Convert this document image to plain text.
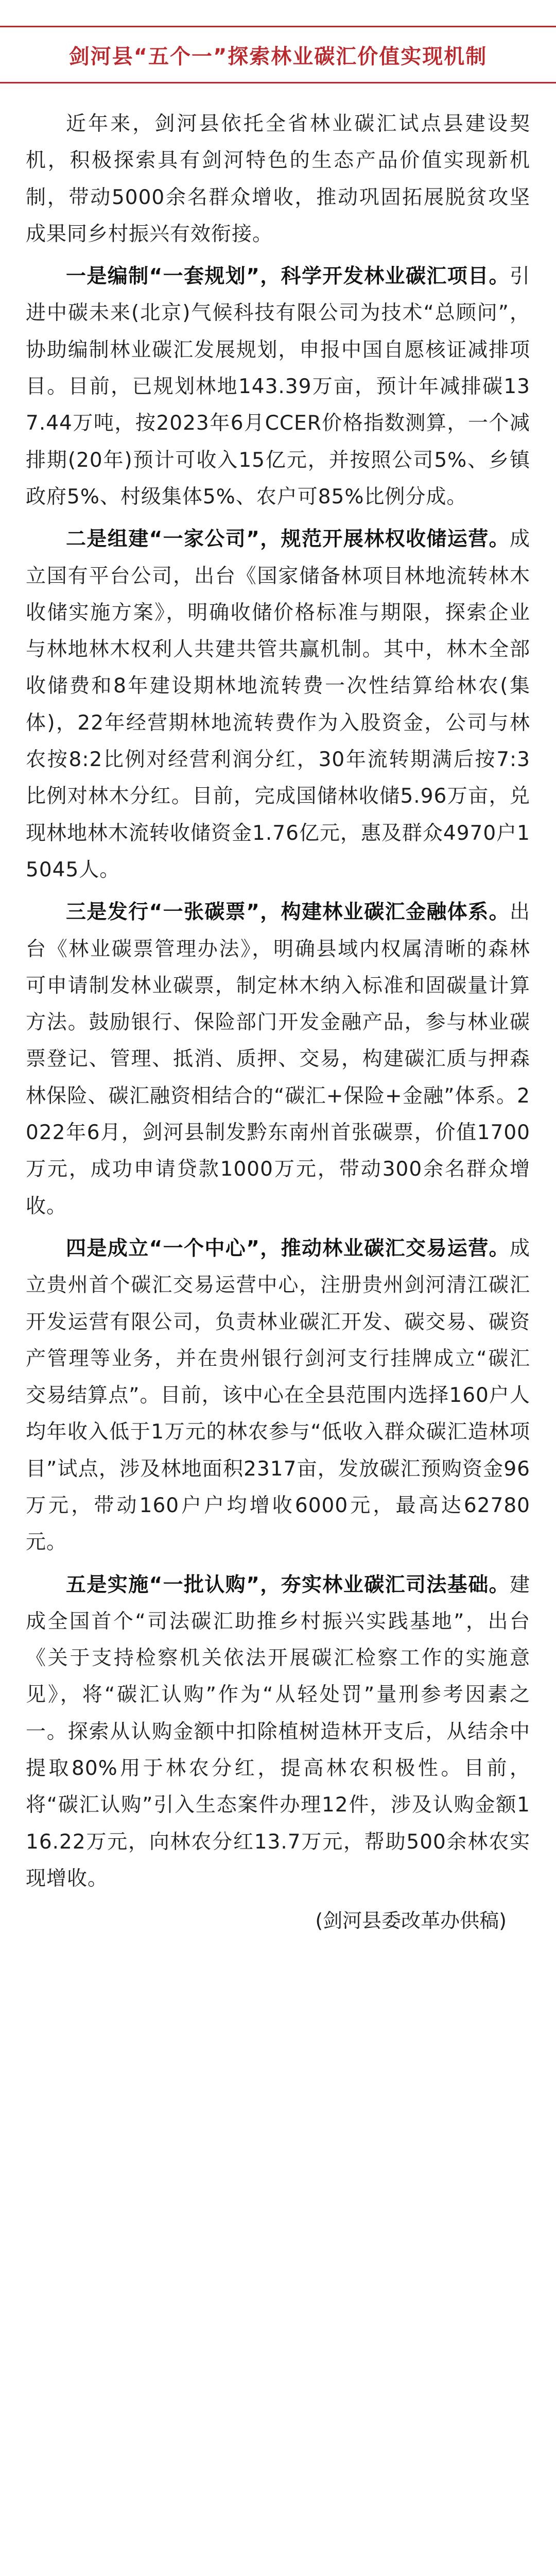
剑河县“五个一”探索林业碳汇价值实现机制

近年来，剑河县依托全省林业碳汇试点县建设契机，积极探索具有剑河特色的生态产品价值实现新机制，带动5000余名群众增收，推动巩固拓展脱贫攻坚成果同乡村振兴有效衔接。

一是编制“一套规划”，科学开发林业碳汇项目。引进中碳未来(北京)气候科技有限公司为技术“总顾问”，协助编制林业碳汇发展规划，申报中国自愿核证减排项目。目前，已规划林地143.39万亩，预计年减排碳137.44万吨，按2023年6月CCER价格指数测算，一个减排期(20年)预计可收入15亿元，并按照公司5%、乡镇政府5%、村级集体5%、农户可85%比例分成。

二是组建“一家公司”，规范开展林权收储运营。成立国有平台公司，出台《国家储备林项目林地流转林木收储实施方案》，明确收储价格标准与期限，探索企业与林地林木权利人共建共管共赢机制。其中，林木全部收储费和8年建设期林地流转费一次性结算给林农(集体)，22年经营期林地流转费作为入股资金，公司与林农按8:2比例对经营利润分红，30年流转期满后按7:3比例对林木分红。目前，完成国储林收储5.96万亩，兑现林地林木流转收储资金1.76亿元，惠及群众4970户15045人。

三是发行“一张碳票”，构建林业碳汇金融体系。出台《林业碳票管理办法》，明确县域内权属清晰的森林可申请制发林业碳票，制定林木纳入标准和固碳量计算方法。鼓励银行、保险部门开发金融产品，参与林业碳票登记、管理、抵消、质押、交易，构建碳汇质与押森林保险、碳汇融资相结合的“碳汇+保险+金融”体系。2022年6月，剑河县制发黔东南州首张碳票，价值1700万元，成功申请贷款1000万元，带动300余名群众增收。

四是成立“一个中心”，推动林业碳汇交易运营。成立贵州首个碳汇交易运营中心，注册贵州剑河清江碳汇开发运营有限公司，负责林业碳汇开发、碳交易、碳资产管理等业务，并在贵州银行剑河支行挂牌成立“碳汇交易结算点”。目前，该中心在全县范围内选择160户人均年收入低于1万元的林农参与“低收入群众碳汇造林项目”试点，涉及林地面积2317亩，发放碳汇预购资金96万元，带动160户户均增收6000元，最高达62780元。

五是实施“一批认购”，夯实林业碳汇司法基础。建成全国首个“司法碳汇助推乡村振兴实践基地”，出台《关于支持检察机关依法开展碳汇检察工作的实施意见》，将“碳汇认购”作为“从轻处罚”量刑参考因素之一。探索从认购金额中扣除植树造林开支后，从结余中提取80%用于林农分红，提高林农积极性。目前，将“碳汇认购”引入生态案件办理12件，涉及认购金额116.22万元，向林农分红13.7万元，帮助500余林农实现增收。

(剑河县委改革办供稿)
